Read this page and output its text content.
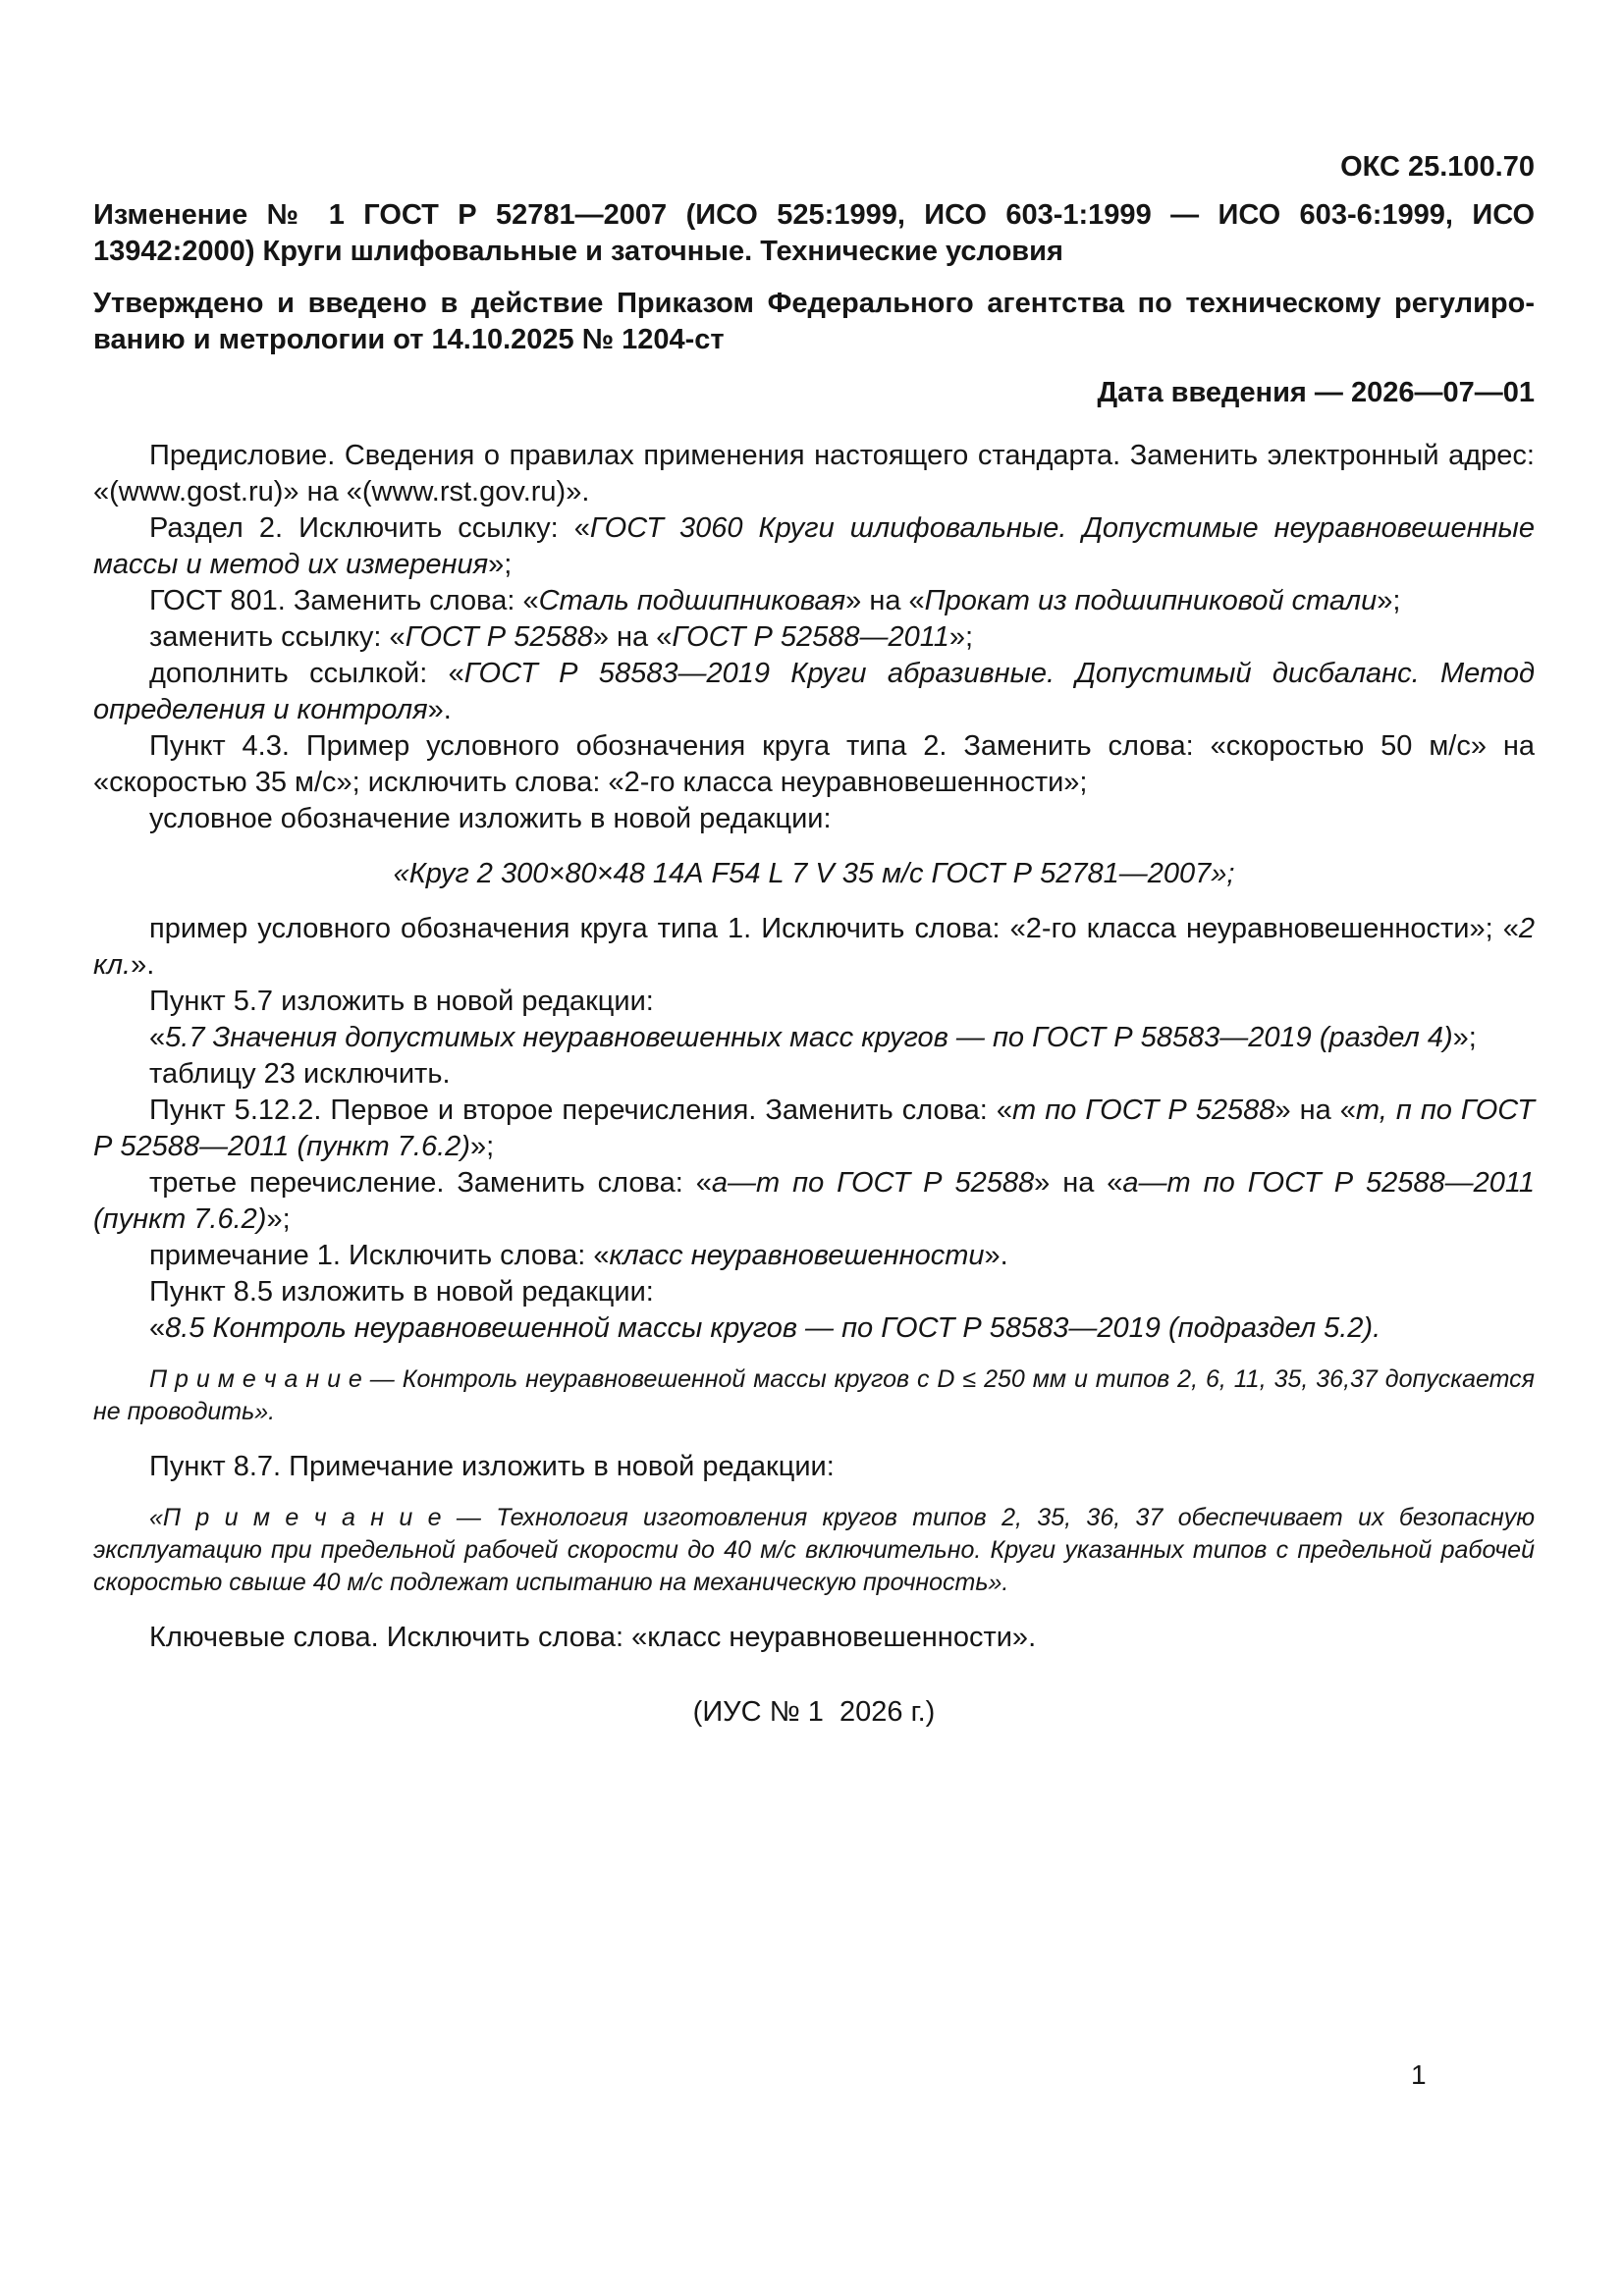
ОКС 25.100.70

Изменение № 1 ГОСТ Р 52781—2007 (ИСО 525:1999, ИСО 603-1:1999 — ИСО 603-6:1999, ИСО 13942:2000) Круги шлифовальные и заточные. Технические условия

Утверждено и введено в действие Приказом Федерального агентства по техническому регулированию и метрологии от 14.10.2025 № 1204-ст

Дата введения — 2026—07—01

Предисловие. Сведения о правилах применения настоящего стандарта. Заменить электронный адрес: «(www.gost.ru)» на «(www.rst.gov.ru)».

Раздел 2. Исключить ссылку: «ГОСТ 3060 Круги шлифовальные. Допустимые неуравновешенные массы и метод их измерения»;

ГОСТ 801. Заменить слова: «Сталь подшипниковая» на «Прокат из подшипниковой стали»;

заменить ссылку: «ГОСТ Р 52588» на «ГОСТ Р 52588—2011»;

дополнить ссылкой: «ГОСТ Р 58583—2019 Круги абразивные. Допустимый дисбаланс. Метод определения и контроля».

Пункт 4.3. Пример условного обозначения круга типа 2. Заменить слова: «скоростью 50 м/с» на «скоростью 35 м/с»; исключить слова: «2-го класса неуравновешенности»;

условное обозначение изложить в новой редакции:

«Круг 2 300×80×48 14А F54 L 7 V 35 м/с ГОСТ Р 52781—2007»;

пример условного обозначения круга типа 1. Исключить слова: «2-го класса неуравновешенности»; «2 кл.».

Пункт 5.7 изложить в новой редакции:

«5.7 Значения допустимых неуравновешенных масс кругов — по ГОСТ Р 58583—2019 (раздел 4)»;

таблицу 23 исключить.

Пункт 5.12.2. Первое и второе перечисления. Заменить слова: «т по ГОСТ Р 52588» на «т, п по ГОСТ Р 52588—2011 (пункт 7.6.2)»;

третье перечисление. Заменить слова: «а—т по ГОСТ Р 52588» на «а—т по ГОСТ Р 52588—2011 (пункт 7.6.2)»;

примечание 1. Исключить слова: «класс неуравновешенности».

Пункт 8.5 изложить в новой редакции:

«8.5 Контроль неуравновешенной массы кругов — по ГОСТ Р 58583—2019 (подраздел 5.2).

П р и м е ч а н и е — Контроль неуравновешенной массы кругов с D ≤ 250 мм и типов 2, 6, 11, 35, 36,37 допускается не проводить».

Пункт 8.7. Примечание изложить в новой редакции:

«П р и м е ч а н и е — Технология изготовления кругов типов 2, 35, 36, 37 обеспечивает их безопасную эксплуатацию при предельной рабочей скорости до 40 м/с включительно. Круги указанных типов с предельной рабочей скоростью свыше 40 м/с подлежат испытанию на механическую прочность».

Ключевые слова. Исключить слова: «класс неуравновешенности».

(ИУС № 1  2026 г.)

1
